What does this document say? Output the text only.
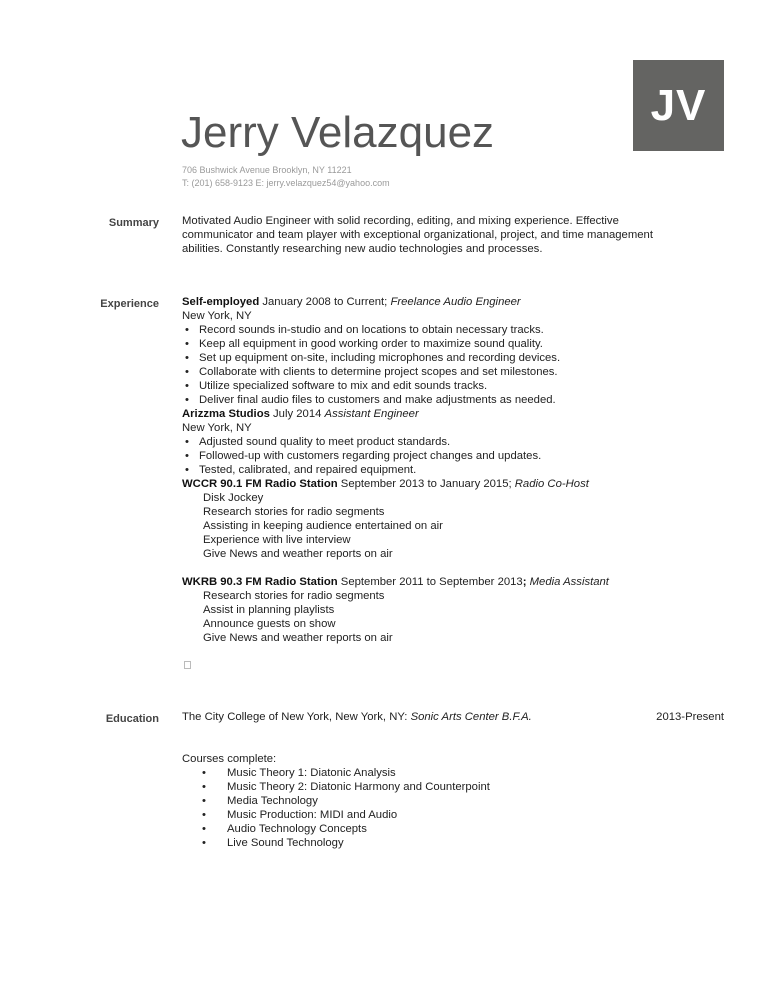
JV
Jerry Velazquez
706 Bushwick Avenue Brooklyn, NY 11221
T: (201) 658-9123 E: jerry.velazquez54@yahoo.com
Summary Motivated Audio Engineer with solid recording, editing, and mixing experience. Effective
communicator and team player with exceptional organizational, project, and time management
abilities. Constantly researching new audio technologies and processes.
Experience Self-employed January 2008 to Current; Freelance Audio Engineer
New York, NY
• Record sounds in-studio and on locations to obtain necessary tracks.
• Keep all equipment in good working order to maximize sound quality.
• Set up equipment on-site, including microphones and recording devices.
• Collaborate with clients to determine project scopes and set milestones.
• Utilize specialized software to mix and edit sounds tracks.
• Deliver final audio files to customers and make adjustments as needed.
Arizzma Studios July 2014 Assistant Engineer
New York, NY
• Adjusted sound quality to meet product standards.
• Followed-up with customers regarding project changes and updates.
• Tested, calibrated, and repaired equipment.
WCCR 90.1 FM Radio Station September 2013 to January 2015; Radio Co-Host
Disk Jockey
Research stories for radio segments
Assisting in keeping audience entertained on air
Experience with live interview
Give News and weather reports on air
WKRB 90.3 FM Radio Station September 2011 to September 2013; Media Assistant
Research stories for radio segments
Assist in planning playlists
Announce guests on show
Give News and weather reports on air
Education The City College of New York, New York, NY: Sonic Arts Center B.F.A.
Courses complete:
• Music Theory 1: Diatonic Analysis
• Music Theory 2: Diatonic Harmony and Counterpoint
• Media Technology
• Music Production: MIDI and Audio
• Audio Technology Concepts
• Live Sound Technology
2013-Present
